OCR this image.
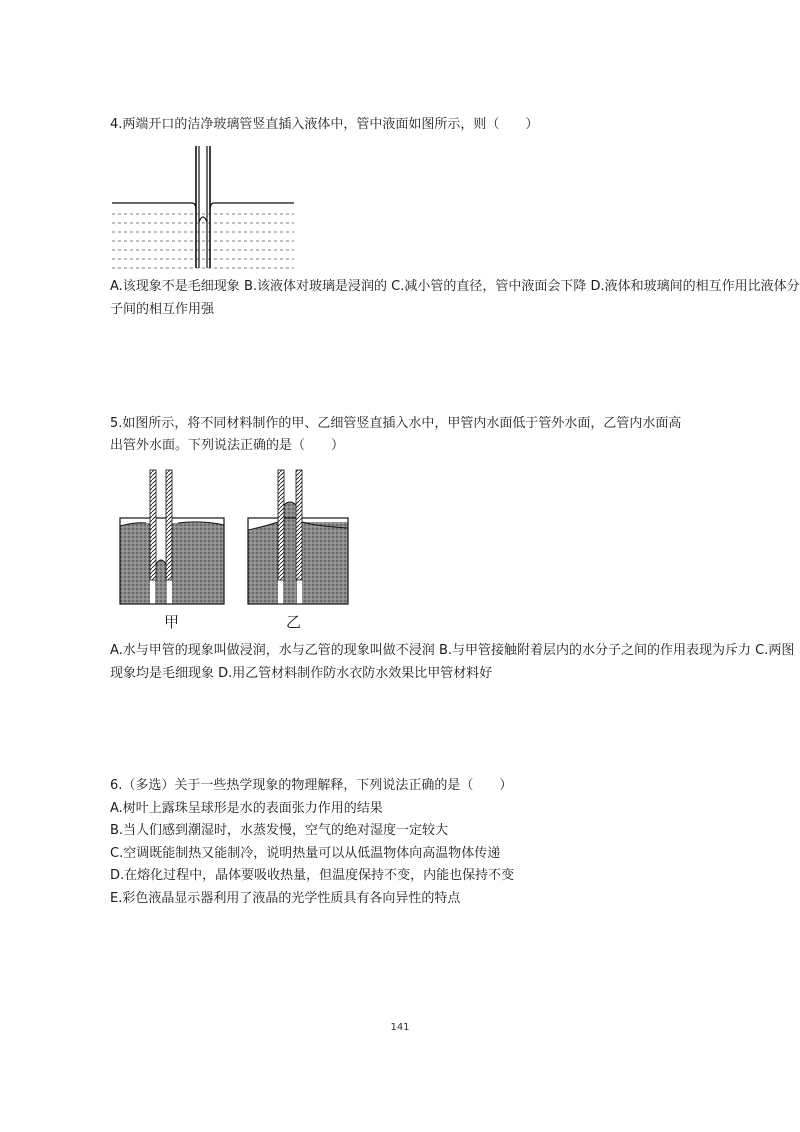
4.两端开口的洁净玻璃管竖直插入液体中，管中液面如图所示，则（　　）

A.该现象不是毛细现象 B.该液体对玻璃是浸润的 C.减小管的直径，管中液面会下降 D.液体和玻璃间的相互作用比液体分子间的相互作用强

5.如图所示，将不同材料制作的甲、乙细管竖直插入水中，甲管内水面低于管外水面，乙管内水面高

出管外水面。下列说法正确的是（　　）

甲	乙
A.水与甲管的现象叫做浸润，水与乙管的现象叫做不浸润 B.与甲管接触附着层内的水分子之间的作用表现为斥力 C.两图现象均是毛细现象 D.用乙管材料制作防水衣防水效果比甲管材料好

6.（多选）关于一些热学现象的物理解释，下列说法正确的是（　　）

A.树叶上露珠呈球形是水的表面张力作用的结果
B.当人们感到潮湿时，水蒸发慢，空气的绝对湿度一定较大
C.空调既能制热又能制冷，说明热量可以从低温物体向高温物体传递
D.在熔化过程中，晶体要吸收热量，但温度保持不变，内能也保持不变
E.彩色液晶显示器利用了液晶的光学性质具有各向异性的特点
141
